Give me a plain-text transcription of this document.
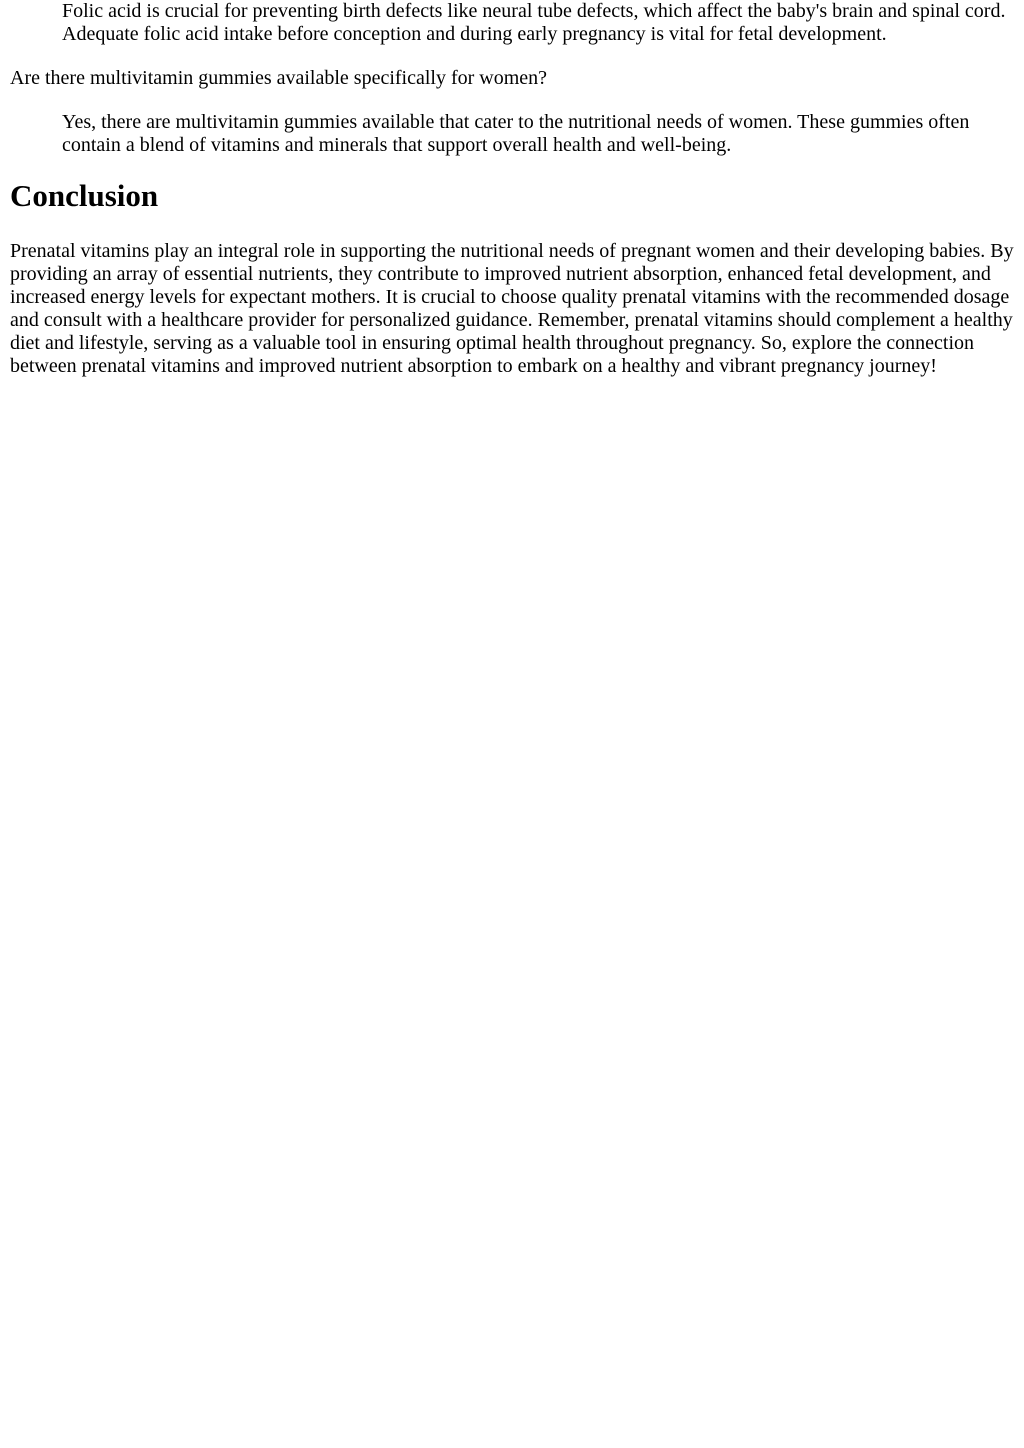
Folic acid is crucial for preventing birth defects like neural tube defects, which affect the baby's brain and spinal cord. Adequate folic acid intake before conception and during early pregnancy is vital for fetal development.
Are there multivitamin gummies available specifically for women?
Yes, there are multivitamin gummies available that cater to the nutritional needs of women. These gummies often contain a blend of vitamins and minerals that support overall health and well-being.
Conclusion

Prenatal vitamins play an integral role in supporting the nutritional needs of pregnant women and their developing babies. By providing an array of essential nutrients, they contribute to improved nutrient absorption, enhanced fetal development, and increased energy levels for expectant mothers. It is crucial to choose quality prenatal vitamins with the recommended dosage and consult with a healthcare provider for personalized guidance. Remember, prenatal vitamins should complement a healthy diet and lifestyle, serving as a valuable tool in ensuring optimal health throughout pregnancy. So, explore the connection between prenatal vitamins and improved nutrient absorption to embark on a healthy and vibrant pregnancy journey!
